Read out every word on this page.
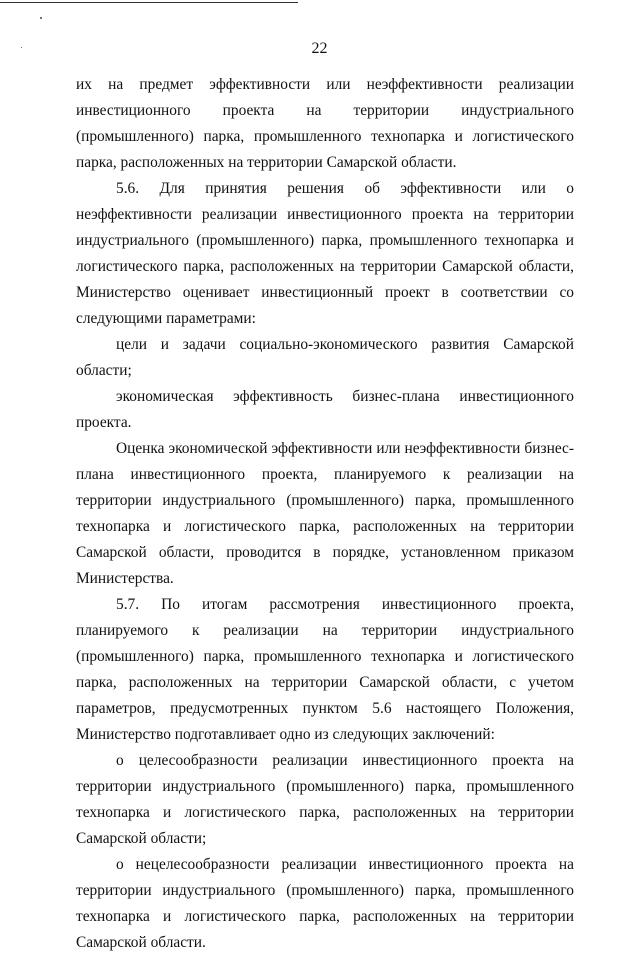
22

их на предмет эффективности или неэффективности реализации инвестиционного проекта на территории индустриального (промышленного) парка, промышленного технопарка и логистического парка, расположенных на территории Самарской области.

5.6. Для принятия решения об эффективности или о неэффективности реализации инвестиционного проекта на территории индустриального (промышленного) парка, промышленного технопарка и логистического парка, расположенных на территории Самарской области, Министерство оценивает инвестиционный проект в соответствии со следующими параметрами:

цели и задачи социально-экономического развития Самарской области;

экономическая эффективность бизнес-плана инвестиционного проекта.

Оценка экономической эффективности или неэффективности бизнес-плана инвестиционного проекта, планируемого к реализации на территории индустриального (промышленного) парка, промышленного технопарка и логистического парка, расположенных на территории Самарской области, проводится в порядке, установленном приказом Министерства.

5.7. По итогам рассмотрения инвестиционного проекта, планируемого к реализации на территории индустриального (промышленного) парка, промышленного технопарка и логистического парка, расположенных на территории Самарской области, с учетом параметров, предусмотренных пунктом 5.6 настоящего Положения, Министерство подготавливает одно из следующих заключений:

о целесообразности реализации инвестиционного проекта на территории индустриального (промышленного) парка, промышленного технопарка и логистического парка, расположенных на территории Самарской области;

о нецелесообразности реализации инвестиционного проекта на территории индустриального (промышленного) парка, промышленного технопарка и логистического парка, расположенных на территории Самарской области.
